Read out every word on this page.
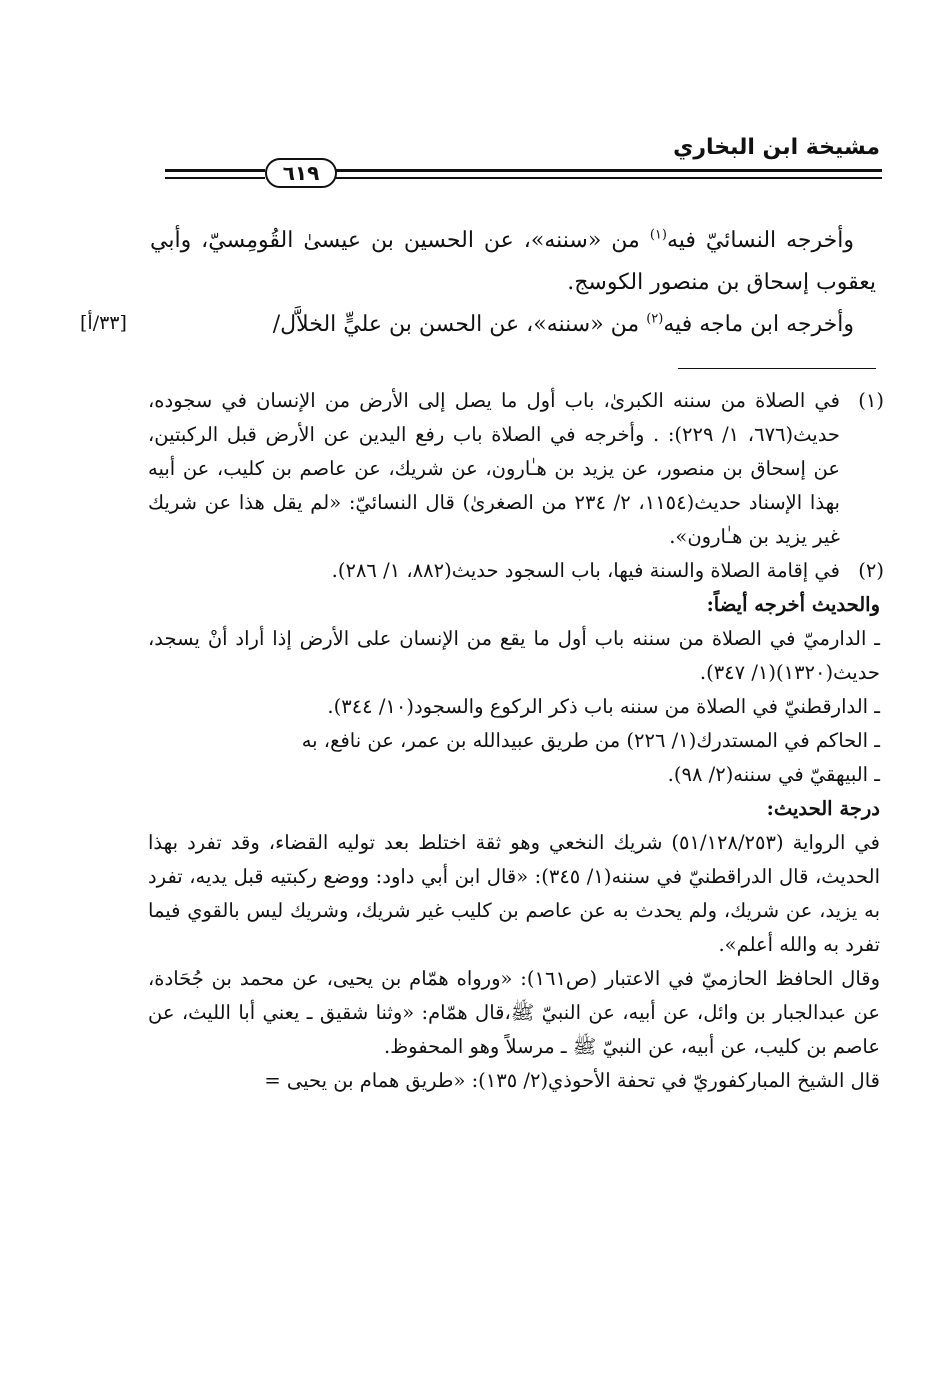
مشيخة ابن البخاري
٦١٩

وأخرجه النسائيّ فيه$^{(١)}$ من «سننه»، عن الحسين بن عيسىٰ القُومِسيّ، وأبي يعقوب إسحاق بن منصور الكوسج.

وأخرجه ابن ماجه فيه$^{(٢)}$ من «سننه»، عن الحسن بن عليٍّ الخلاَّل/

[٣٣/أ]
(١)
في الصلاة من سننه الكبرىٰ، باب أول ما يصل إلى الأرض من الإنسان في سجوده، حديث(٦٧٦، ١/ ٢٢٩): . وأخرجه في الصلاة باب رفع اليدين عن الأرض قبل الركبتين، عن إسحاق بن منصور، عن يزيد بن هـٰارون، عن شريك، عن عاصم بن كليب، عن أبيه بهذا الإسناد حديث(١١٥٤، ٢/ ٢٣٤ من الصغرىٰ) قال النسائيّ: «لم يقل هذا عن شريك غير يزيد بن هـٰارون».
(٢)
في إقامة الصلاة والسنة فيها، باب السجود حديث(٨٨٢، ١/ ٢٨٦).

والحديث أخرجه أيضاً:

ـ الدارميّ في الصلاة من سننه باب أول ما يقع من الإنسان على الأرض إذا أراد أنْ يسجد، حديث(١٣٢٠)(١/ ٣٤٧).

ـ الدارقطنيّ في الصلاة من سننه باب ذكر الركوع والسجود(١٠/ ٣٤٤).

ـ الحاكم في المستدرك(١/ ٢٢٦) من طريق عبيدالله بن عمر، عن نافع، به

ـ البيهقيّ في سننه(٢/ ٩٨).

درجة الحديث:

في الرواية (٥١/١٢٨/٢٥٣) شريك النخعي وهو ثقة اختلط بعد توليه القضاء، وقد تفرد بهذا الحديث، قال الدراقطنيّ في سننه(١/ ٣٤٥): «قال ابن أبي داود: ووضع ركبتيه قبل يديه، تفرد به يزيد، عن شريك، ولم يحدث به عن عاصم بن كليب غير شريك، وشريك ليس بالقوي فيما تفرد به والله أعلم».

وقال الحافظ الحازميّ في الاعتبار (ص١٦١): «ورواه همّام بن يحيى، عن محمد بن جُحَادة، عن عبدالجبار بن وائل، عن أبيه، عن النبيّ ﷺ،قال همّام: «وثنا شقيق ـ يعني أبا الليث، عن عاصم بن كليب، عن أبيه، عن النبيّ ﷺ ـ مرسلاً وهو المحفوظ.

قال الشيخ المباركفوريّ في تحفة الأحوذي(٢/ ١٣٥): «طريق همام بن يحيى =
